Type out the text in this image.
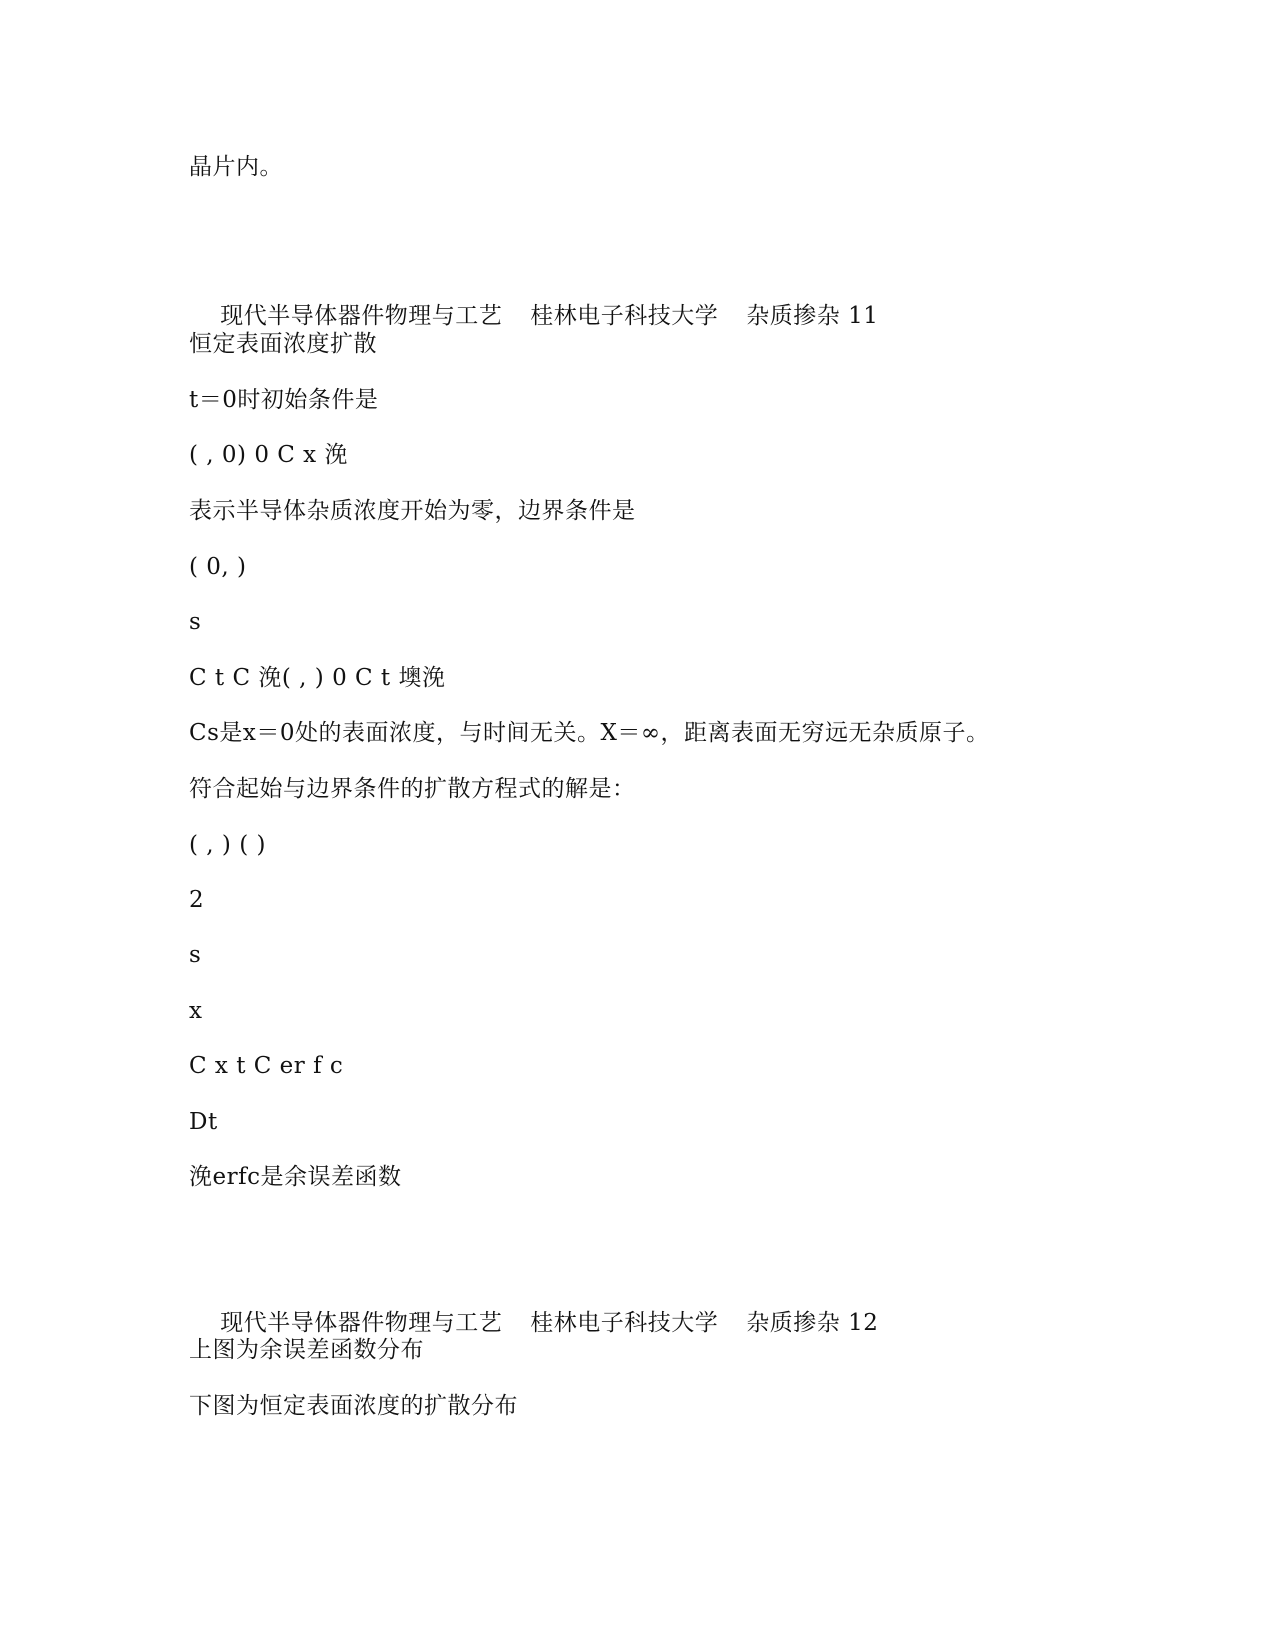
晶片内。

现代半导体器件物理与工艺 桂林电子科技大学 杂质掺杂 11

恒定表面浓度扩散
t＝0时初始条件是
( , 0) 0 C x 浼
表示半导体杂质浓度开始为零，边界条件是
( 0, )
s
C t C 浼( , ) 0 C t 墺浼
Cs是x＝0处的表面浓度，与时间无关。X＝∞，距离表面无穷远无杂质原子。
符合起始与边界条件的扩散方程式的解是：
( , ) ( )
2
s
x
C x t C er f c
Dt
浼erfc是余误差函数

现代半导体器件物理与工艺 桂林电子科技大学 杂质掺杂 12

上图为余误差函数分布
下图为恒定表面浓度的扩散分布
